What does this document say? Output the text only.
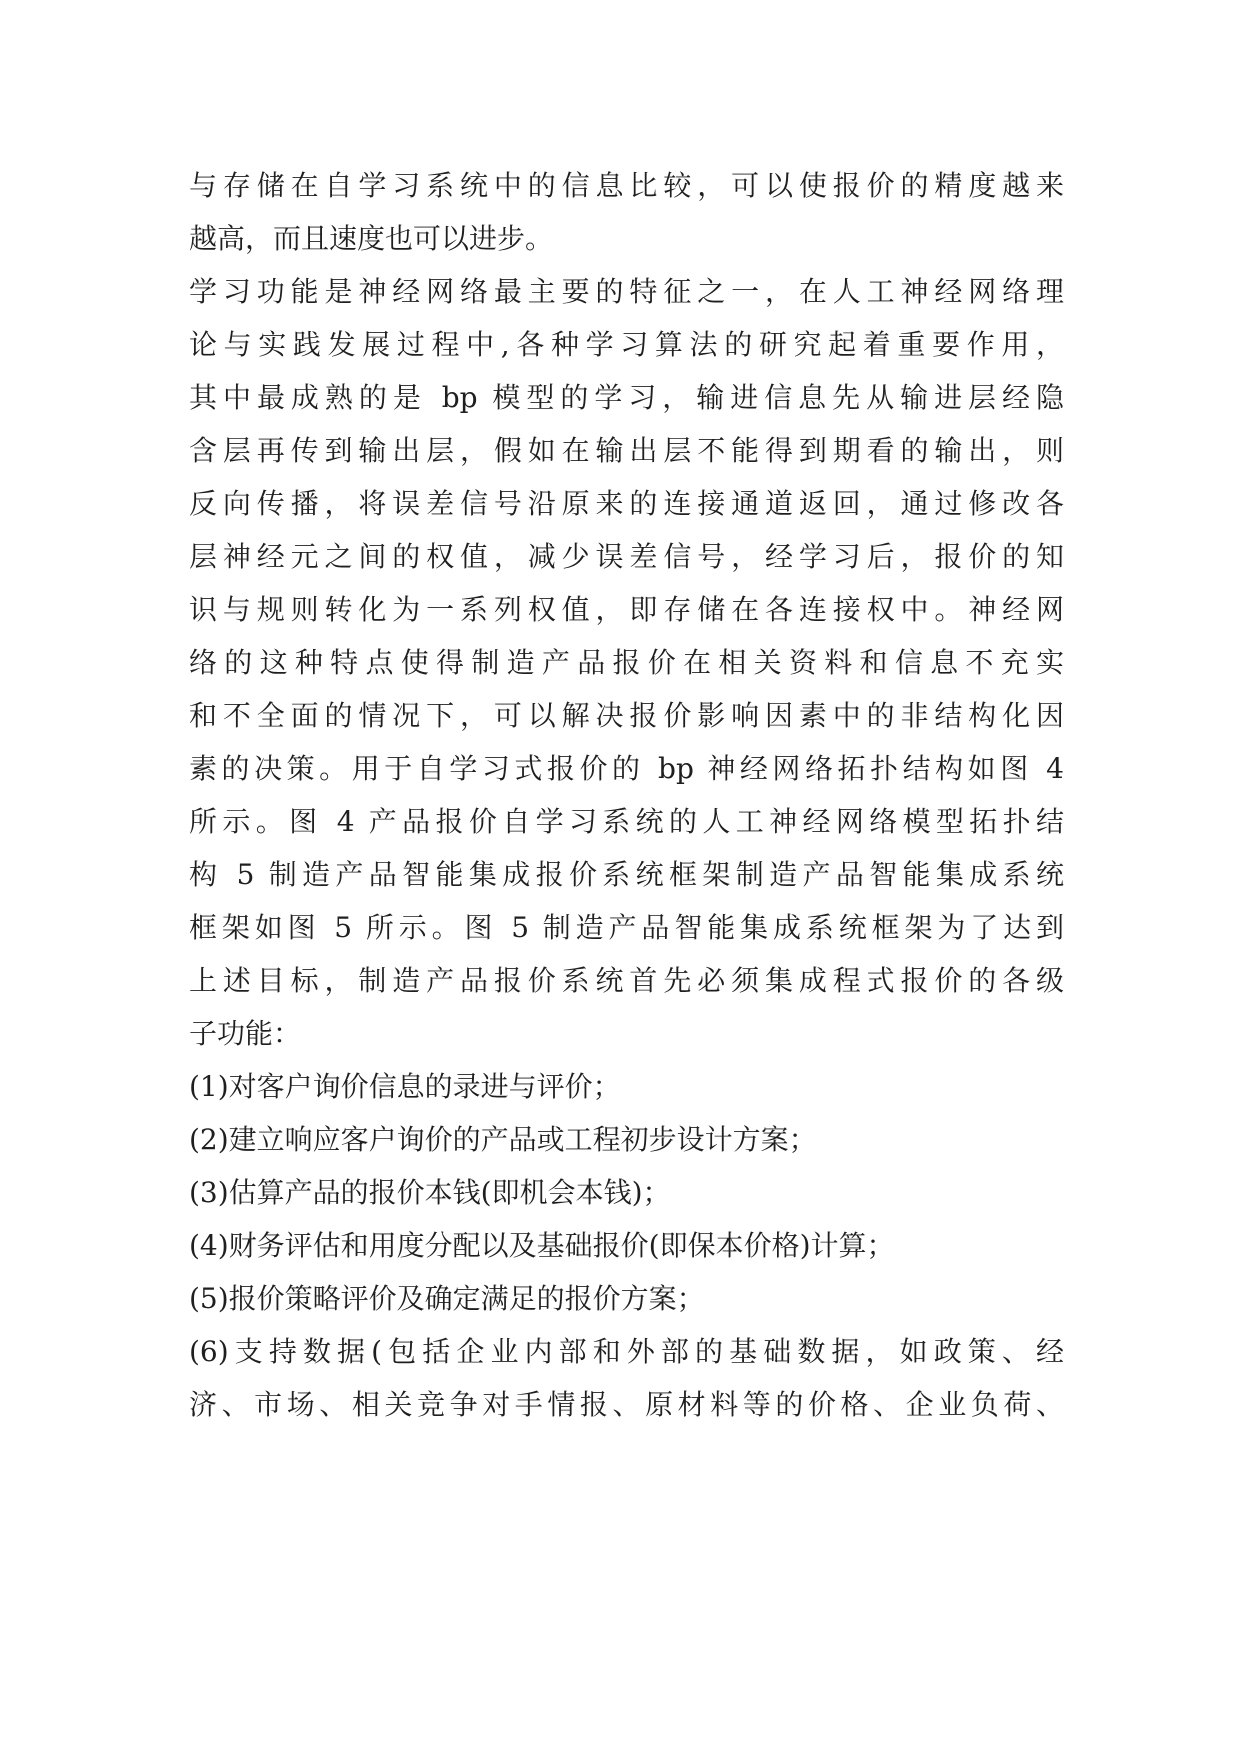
与存储在自学习系统中的信息比较，可以使报价的精度越来
越高，而且速度也可以进步。
学习功能是神经网络最主要的特征之一，在人工神经网络理
论与实践发展过程中,各种学习算法的研究起着重要作用，
其中最成熟的是 bp 模型的学习，输进信息先从输进层经隐
含层再传到输出层，假如在输出层不能得到期看的输出，则
反向传播，将误差信号沿原来的连接通道返回，通过修改各
层神经元之间的权值，减少误差信号，经学习后，报价的知
识与规则转化为一系列权值，即存储在各连接权中。神经网
络的这种特点使得制造产品报价在相关资料和信息不充实
和不全面的情况下，可以解决报价影响因素中的非结构化因
素的决策。用于自学习式报价的 bp 神经网络拓扑结构如图 4
所示。图 4 产品报价自学习系统的人工神经网络模型拓扑结
构 5 制造产品智能集成报价系统框架制造产品智能集成系统
框架如图 5 所示。图 5 制造产品智能集成系统框架为了达到
上述目标，制造产品报价系统首先必须集成程式报价的各级
子功能：
(1)对客户询价信息的录进与评价；
(2)建立响应客户询价的产品或工程初步设计方案；
(3)估算产品的报价本钱(即机会本钱)；
(4)财务评估和用度分配以及基础报价(即保本价格)计算；
(5)报价策略评价及确定满足的报价方案；
(6)支持数据(包括企业内部和外部的基础数据，如政策、经
济、市场、相关竞争对手情报、原材料等的价格、企业负荷、
